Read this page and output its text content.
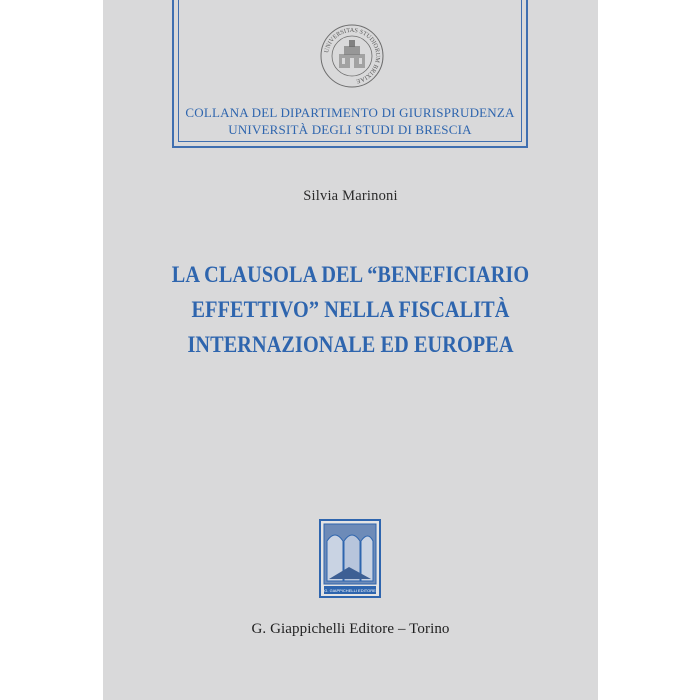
UNIVERSITAS STUDIORUM BRIXIAE
COLLANA DEL DIPARTIMENTO DI GIURISPRUDENZA
UNIVERSITÀ DEGLI STUDI DI BRESCIA
Silvia Marinoni
LA CLAUSOLA DEL “BENEFICIARIO
EFFETTIVO” NELLA FISCALITÀ
INTERNAZIONALE ED EUROPEA
G. GIAPPICHELLI EDITORE
G. Giappichelli Editore – Torino
